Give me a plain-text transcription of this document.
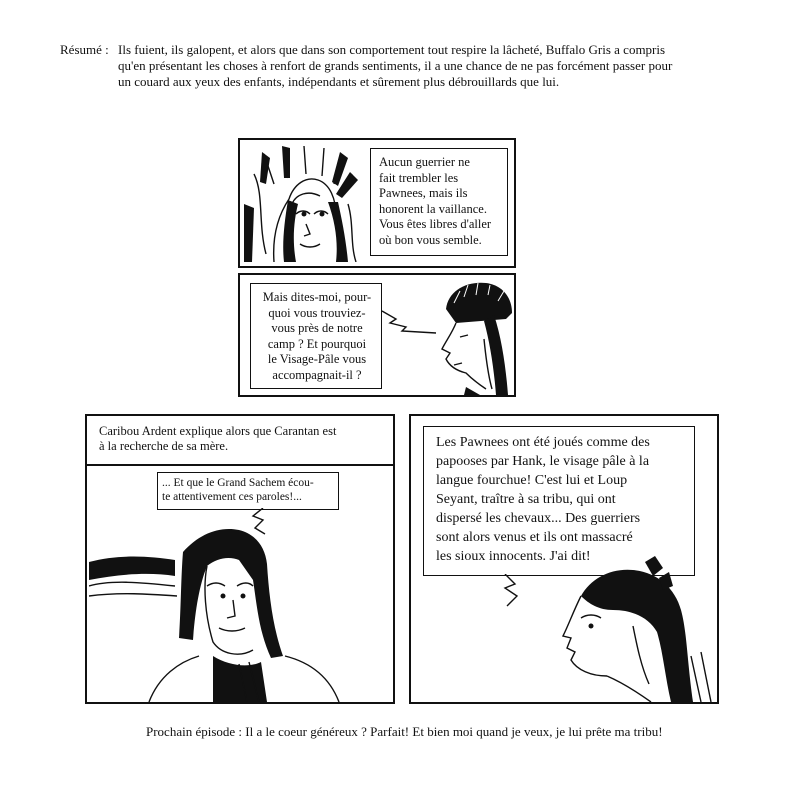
Résumé : Ils fuient, ils galopent, et alors que dans son comportement tout respire la lâcheté, Buffalo Gris a compris qu'en présentant les choses à renfort de grands sentiments, il a une chance de ne pas forcément passer pour un couard aux yeux des enfants, indépendants et sûrement plus débrouillards que lui.
Aucun guerrier ne
fait trembler les
Pawnees, mais ils
honorent la vaillance.
Vous êtes libres d'aller
où bon vous semble.
Mais dites-moi, pour-
quoi vous trouviez-
vous près de notre
camp ? Et pourquoi
le Visage-Pâle vous
accompagnait-il ?
Caribou Ardent explique alors que Carantan est
à la recherche de sa mère.
... Et que le Grand Sachem écou-
te attentivement ces paroles!...
Les Pawnees ont été joués comme des
papooses par Hank, le visage pâle à la
langue fourchue! C'est lui et Loup
Seyant, traître à sa tribu, qui ont
dispersé les chevaux... Des guerriers
sont alors venus et ils ont massacré
les sioux innocents. J'ai dit!
Prochain épisode : Il a le coeur généreux ? Parfait! Et bien moi quand je veux, je lui prête ma tribu!
